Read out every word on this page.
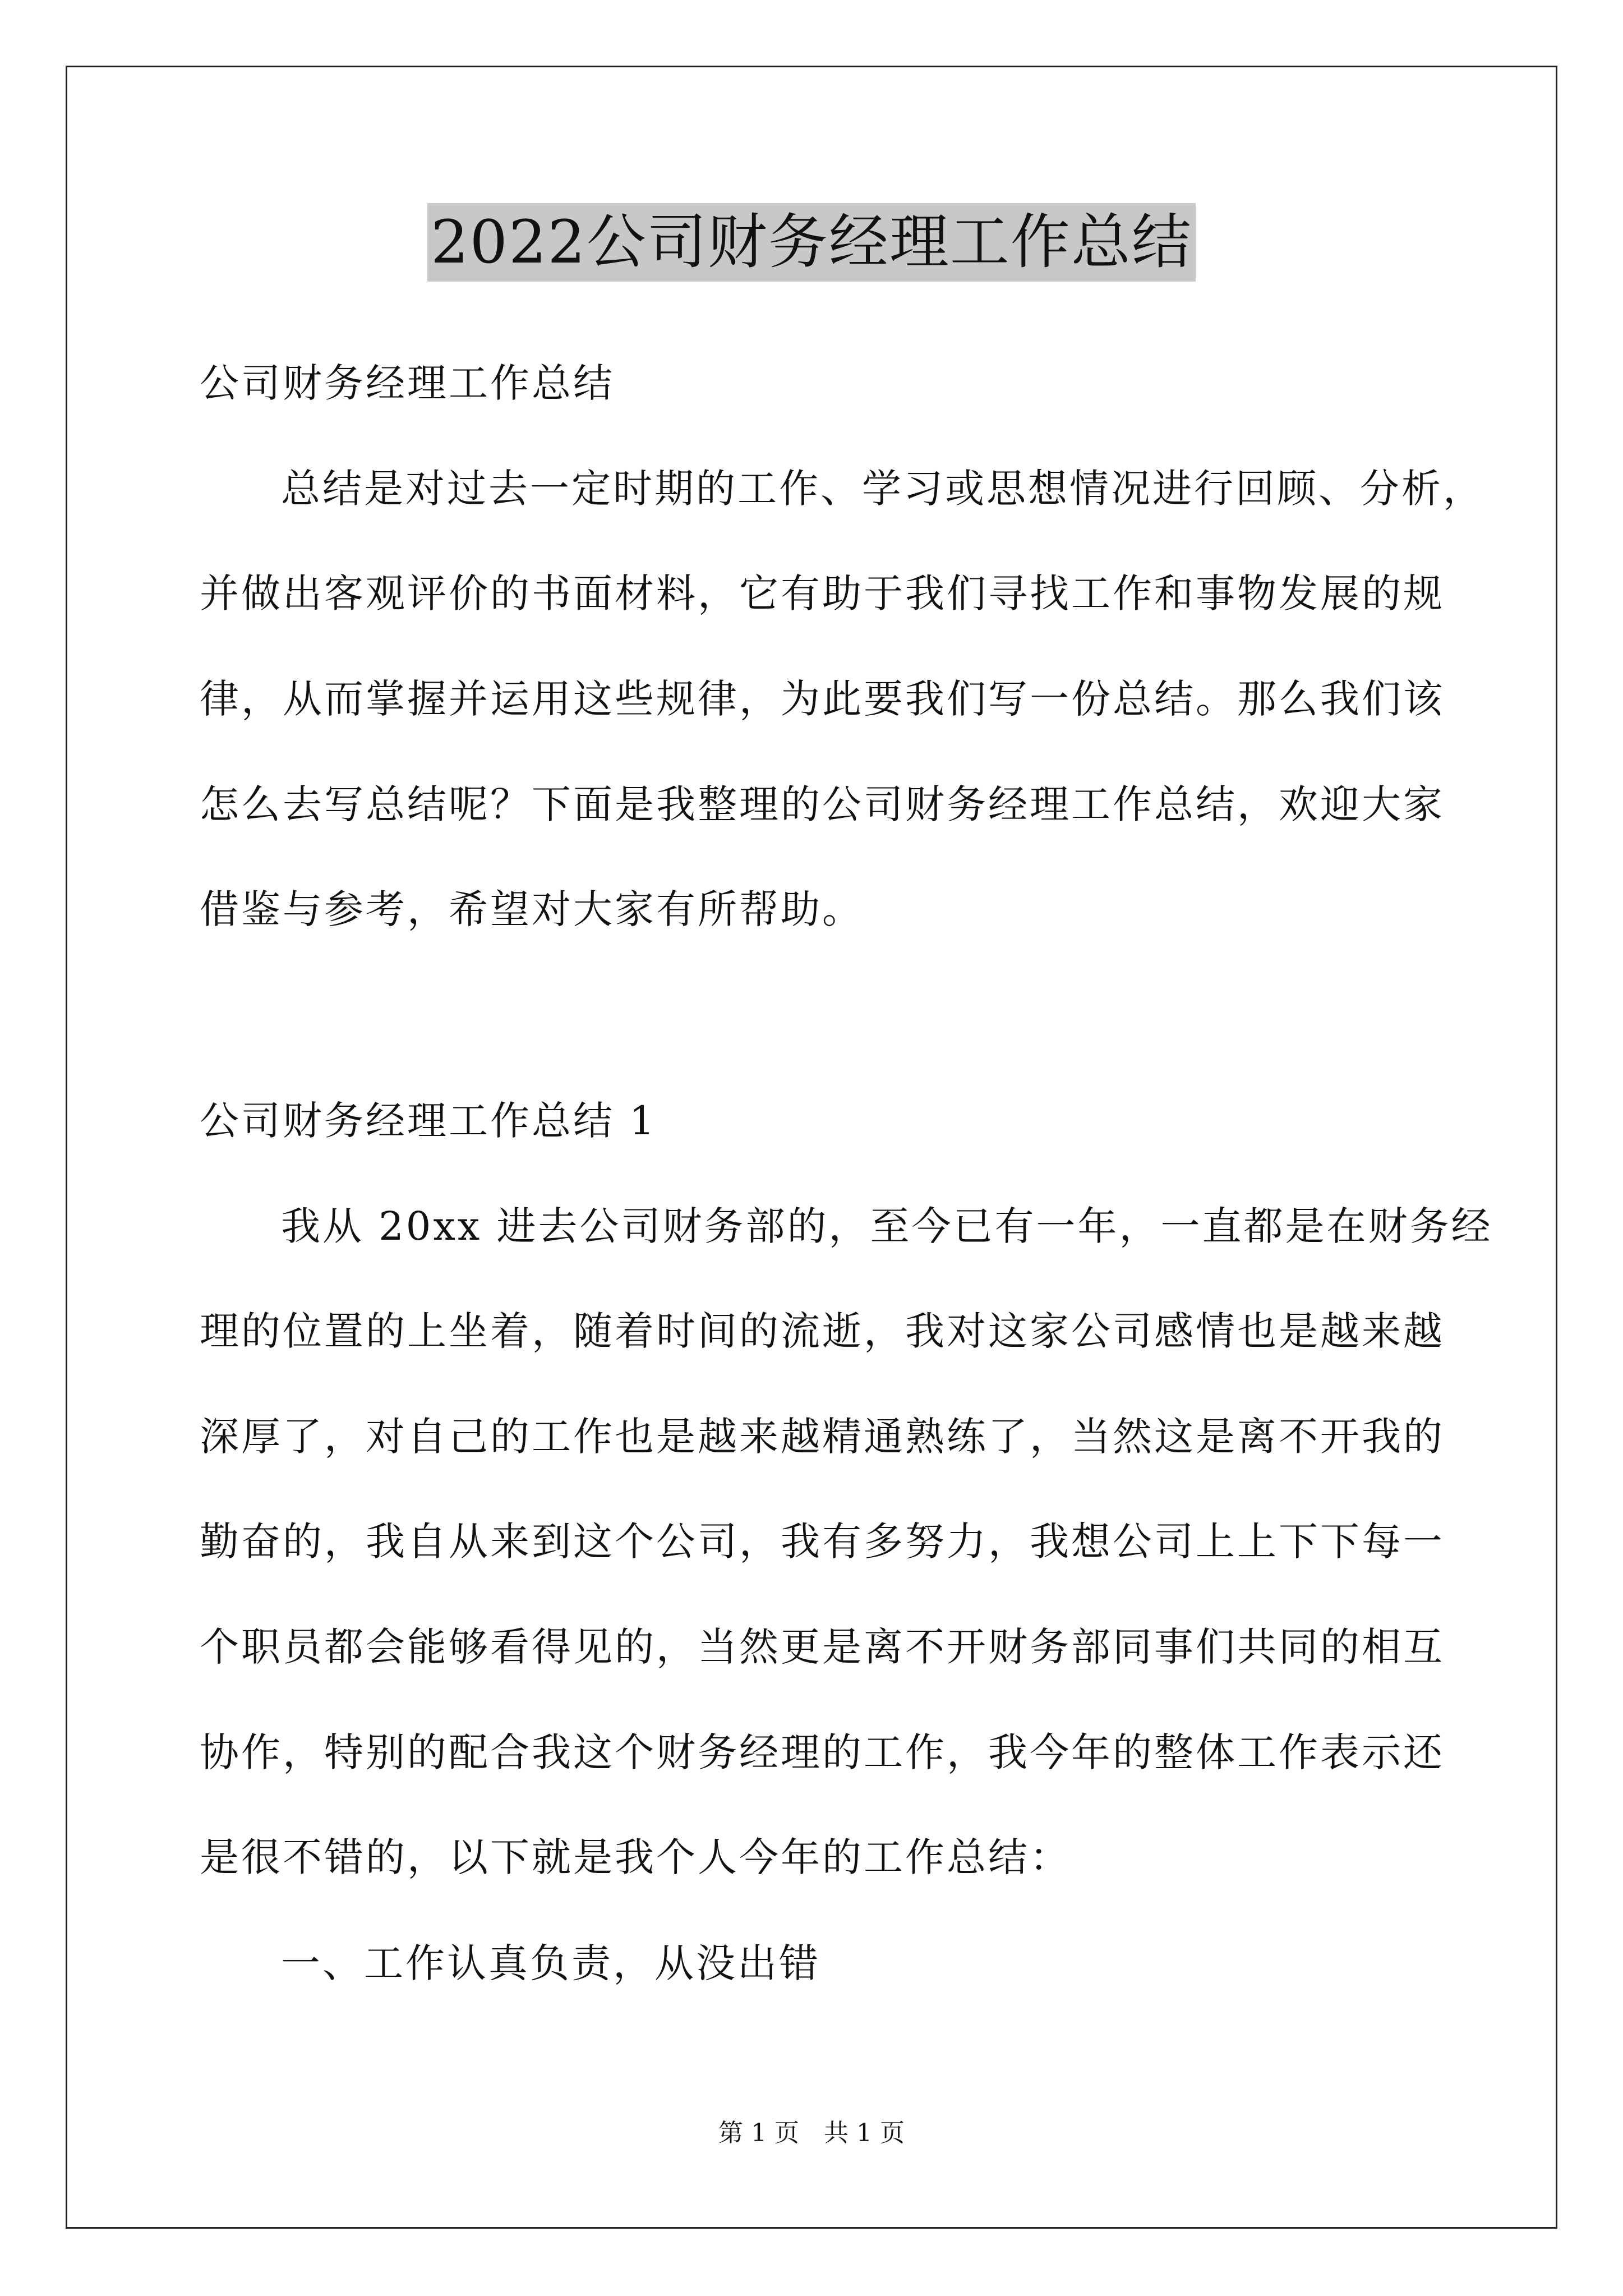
2022公司财务经理工作总结
公司财务经理工作总结
总结是对过去一定时期的工作、学习或思想情况进行回顾、分析，
并做出客观评价的书面材料，它有助于我们寻找工作和事物发展的规
律，从而掌握并运用这些规律，为此要我们写一份总结。那么我们该
怎么去写总结呢？下面是我整理的公司财务经理工作总结，欢迎大家
借鉴与参考，希望对大家有所帮助。
公司财务经理工作总结 1
我从 20xx 进去公司财务部的，至今已有一年，一直都是在财务经
理的位置的上坐着，随着时间的流逝，我对这家公司感情也是越来越
深厚了，对自己的工作也是越来越精通熟练了，当然这是离不开我的
勤奋的，我自从来到这个公司，我有多努力，我想公司上上下下每一
个职员都会能够看得见的，当然更是离不开财务部同事们共同的相互
协作，特别的配合我这个财务经理的工作，我今年的整体工作表示还
是很不错的，以下就是我个人今年的工作总结：
一、工作认真负责，从没出错
第 1 页　共 1 页
